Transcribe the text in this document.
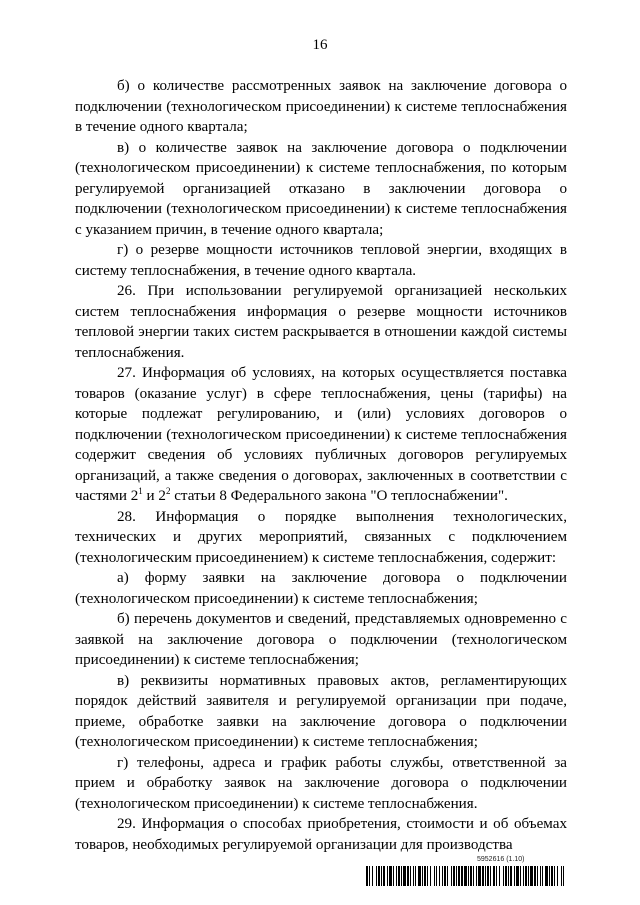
16

б) о количестве рассмотренных заявок на заключение договора о подключении (технологическом присоединении) к системе теплоснабжения в течение одного квартала;

в) о количестве заявок на заключение договора о подключении (технологическом присоединении) к системе теплоснабжения, по которым регулируемой организацией отказано в заключении договора о подключении (технологическом присоединении) к системе теплоснабжения с указанием причин, в течение одного квартала;

г) о резерве мощности источников тепловой энергии, входящих в систему теплоснабжения, в течение одного квартала.

26. При использовании регулируемой организацией нескольких систем теплоснабжения информация о резерве мощности источников тепловой энергии таких систем раскрывается в отношении каждой системы теплоснабжения.

27. Информация об условиях, на которых осуществляется поставка товаров (оказание услуг) в сфере теплоснабжения, цены (тарифы) на которые подлежат регулированию, и (или) условиях договоров о подключении (технологическом присоединении) к системе теплоснабжения содержит сведения об условиях публичных договоров регулируемых организаций, а также сведения о договорах, заключенных в соответствии с частями $2^1$ и $2^2$ статьи 8 Федерального закона "О теплоснабжении".

28. Информация о порядке выполнения технологических, технических и других мероприятий, связанных с подключением (технологическим присоединением) к системе теплоснабжения, содержит:

а) форму заявки на заключение договора о подключении (технологическом присоединении) к системе теплоснабжения;

б) перечень документов и сведений, представляемых одновременно с заявкой на заключение договора о подключении (технологическом присоединении) к системе теплоснабжения;

в) реквизиты нормативных правовых актов, регламентирующих порядок действий заявителя и регулируемой организации при подаче, приеме, обработке заявки на заключение договора о подключении (технологическом присоединении) к системе теплоснабжения;

г) телефоны, адреса и график работы службы, ответственной за прием и обработку заявок на заключение договора о подключении (технологическом присоединении) к системе теплоснабжения.

29. Информация о способах приобретения, стоимости и об объемах товаров, необходимых регулируемой организации для производства

5952616 (1.10)
